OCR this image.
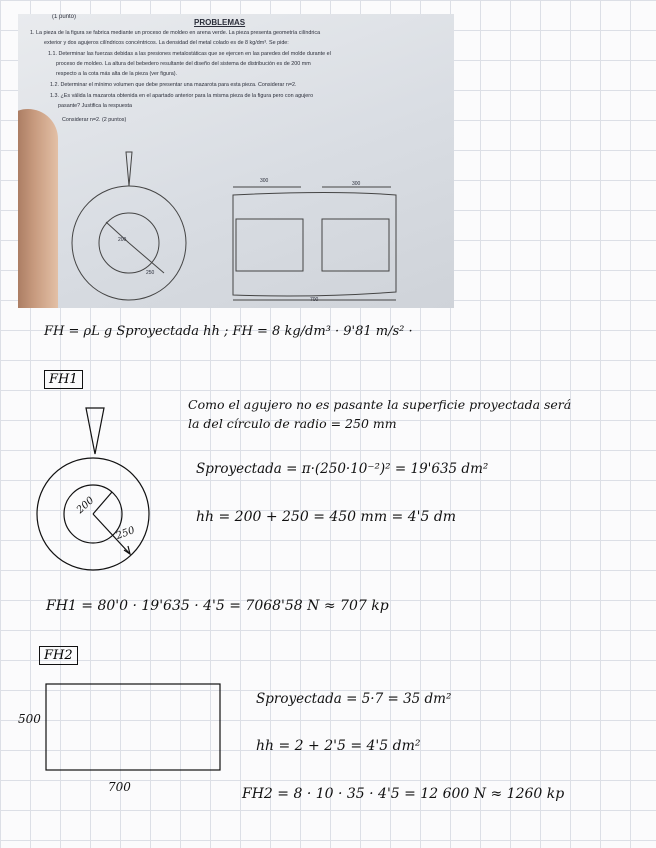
(1 punto)
PROBLEMAS
1. La pieza de la figura se fabrica mediante un proceso de moldeo en arena verde. La pieza presenta geometría cilíndrica
exterior y dos agujeros cilíndricos concéntricos. La densidad del metal colado es de 8 kg/dm³. Se pide:
1.1. Determinar las fuerzas debidas a las presiones metalostáticas que se ejercen en las paredes del molde durante el
proceso de moldeo. La altura del bebedero resultante del diseño del sistema de distribución es de 200 mm
respecto a la cota más alta de la pieza (ver figura).
1.2. Determinar el mínimo volumen que debe presentar una mazarota para esta pieza. Considerar n=2.
1.3. ¿Es válida la mazarota obtenida en el apartado anterior para la misma pieza de la figura pero con agujero
pasante? Justifica la respuesta
Considerar n=2. (2 puntos)
200
250
300	300
700
FH = ρL g Sproyectada hh ; FH = 8 kg/dm³ · 9'81 m/s² ·
FH1
Como el agujero no es pasante la superficie proyectada será
la del círculo de radio = 250 mm
Sproyectada = π·(250·10⁻²)² = 19'635 dm²
hh = 200 + 250 = 450 mm = 4'5 dm
200
250
FH1 = 80'0 · 19'635 · 4'5 = 7068'58 N ≈ 707 kp
FH2
500
700
Sproyectada = 5·7 = 35 dm²
hh = 2 + 2'5 = 4'5 dm²
FH2 = 8 · 10 · 35 · 4'5 = 12 600 N ≈ 1260 kp
